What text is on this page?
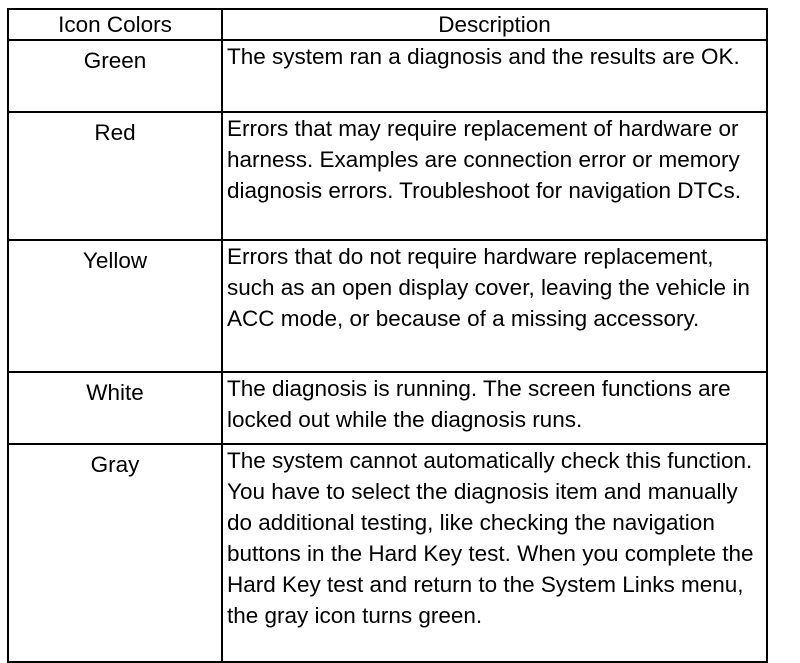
Icon Colors	Description
Green	The system ran a diagnosis and the results are OK.
Red	Errors that may require replacement of hardware or harness. Examples are connection error or memory diagnosis errors. Troubleshoot for navigation DTCs.
Yellow	Errors that do not require hardware replacement, such as an open display cover, leaving the vehicle in ACC mode, or because of a missing accessory.
White	The diagnosis is running. The screen functions are locked out while the diagnosis runs.
Gray	The system cannot automatically check this function. You have to select the diagnosis item and manually do additional testing, like checking the navigation buttons in the Hard Key test. When you complete the Hard Key test and return to the System Links menu, the gray icon turns green.
